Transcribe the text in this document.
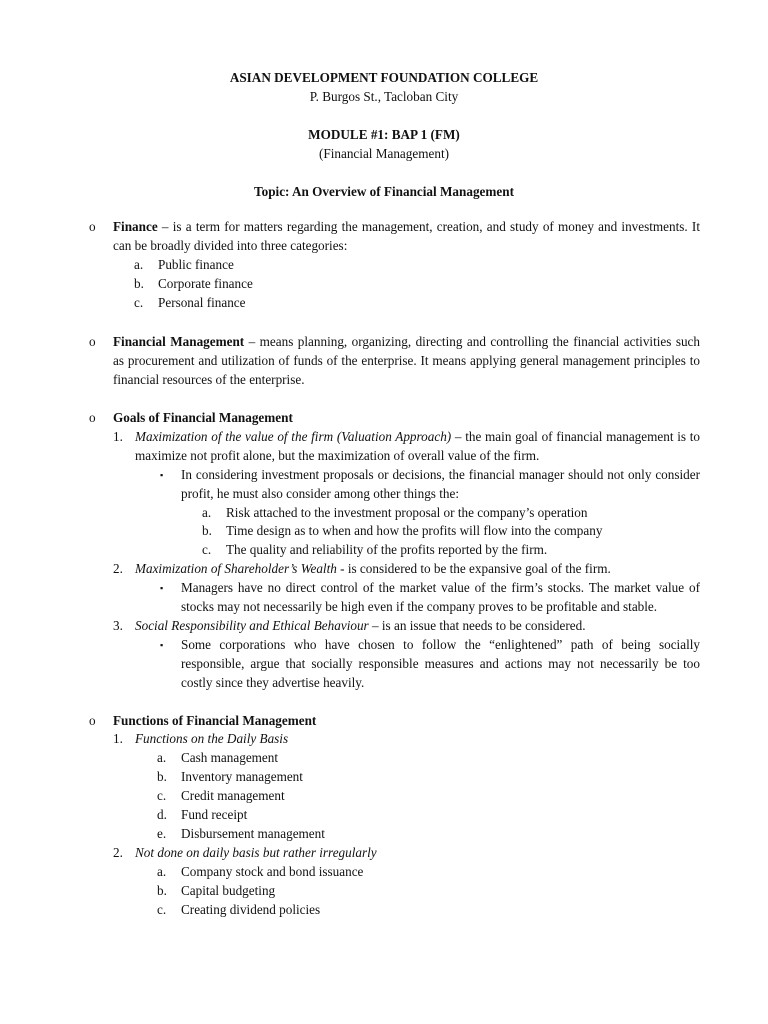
ASIAN DEVELOPMENT FOUNDATION COLLEGE
P. Burgos St., Tacloban City
MODULE #1: BAP 1 (FM)
(Financial Management)
Topic: An Overview of Financial Management
o Finance – is a term for matters regarding the management, creation, and study of money and investments. It can be broadly divided into three categories:
a.	Public finance
b.	Corporate finance
c.	Personal finance
o Financial Management – means planning, organizing, directing and controlling the financial activities such as procurement and utilization of funds of the enterprise. It means applying general management principles to financial resources of the enterprise.
o Goals of Financial Management
1. Maximization of the value of the firm (Valuation Approach) – the main goal of financial management is to maximize not profit alone, but the maximization of overall value of the firm.
▪ In considering investment proposals or decisions, the financial manager should not only consider profit, he must also consider among other things the:
a.	Risk attached to the investment proposal or the company’s operation
b.	Time design as to when and how the profits will flow into the company
c.	The quality and reliability of the profits reported by the firm.
2. Maximization of Shareholder’s Wealth - is considered to be the expansive goal of the firm.
▪ Managers have no direct control of the market value of the firm’s stocks. The market value of stocks may not necessarily be high even if the company proves to be profitable and stable.
3. Social Responsibility and Ethical Behaviour – is an issue that needs to be considered.
▪ Some corporations who have chosen to follow the “enlightened” path of being socially responsible, argue that socially responsible measures and actions may not necessarily be too costly since they advertise heavily.
o Functions of Financial Management
1. Functions on the Daily Basis
a. Cash management
b. Inventory management
c. Credit management
d. Fund receipt
e. Disbursement management
2. Not done on daily basis but rather irregularly
a. Company stock and bond issuance
b. Capital budgeting
c. Creating dividend policies
